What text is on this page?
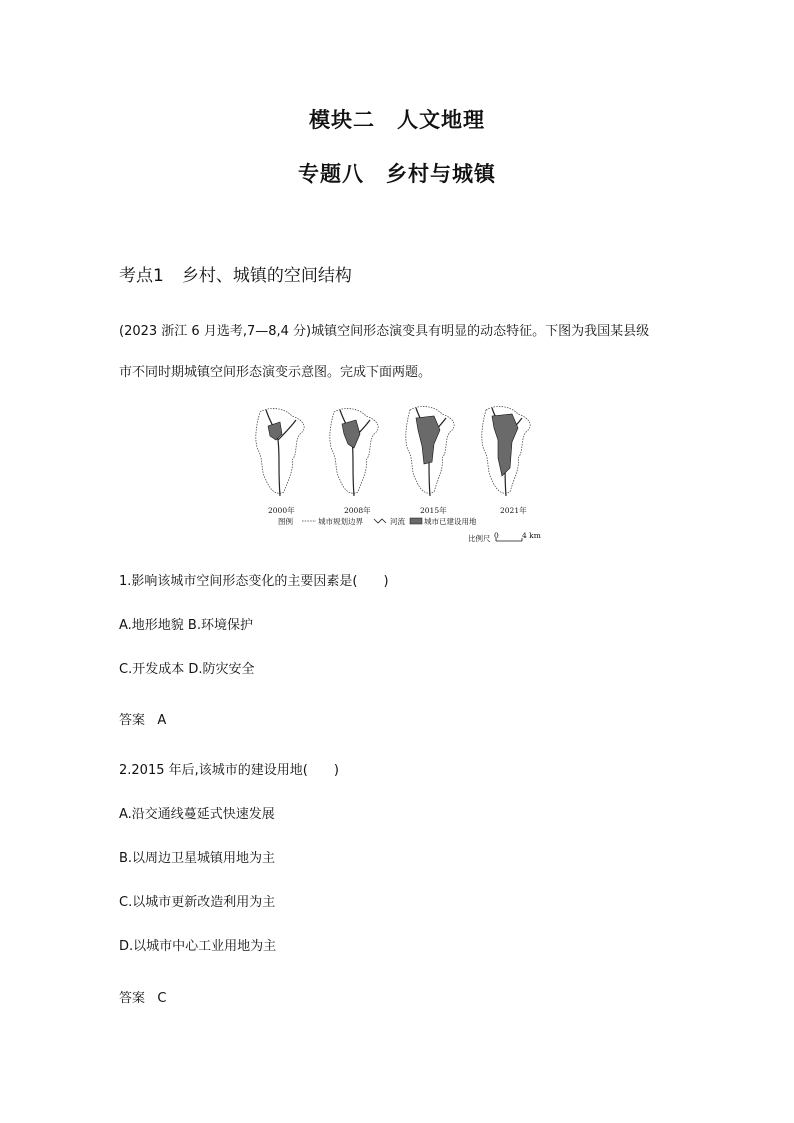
模块二 人文地理
专题八 乡村与城镇
考点1 乡村、城镇的空间结构
(2023 浙江 6 月选考,7—8,4 分)城镇空间形态演变具有明显的动态特征。下图为我国某县级
市不同时期城镇空间形态演变示意图。完成下面两题。
2000年	2008年	2015年	2021年
图例	城市规划边界	河流	城市已建设用地
比例尺 0	4 km
1.影响该城市空间形态变化的主要因素是(　　)
A.地形地貌 B.环境保护
C.开发成本 D.防灾安全
答案 A
2.2015 年后,该城市的建设用地(　　)
A.沿交通线蔓延式快速发展
B.以周边卫星城镇用地为主
C.以城市更新改造利用为主
D.以城市中心工业用地为主
答案 C
